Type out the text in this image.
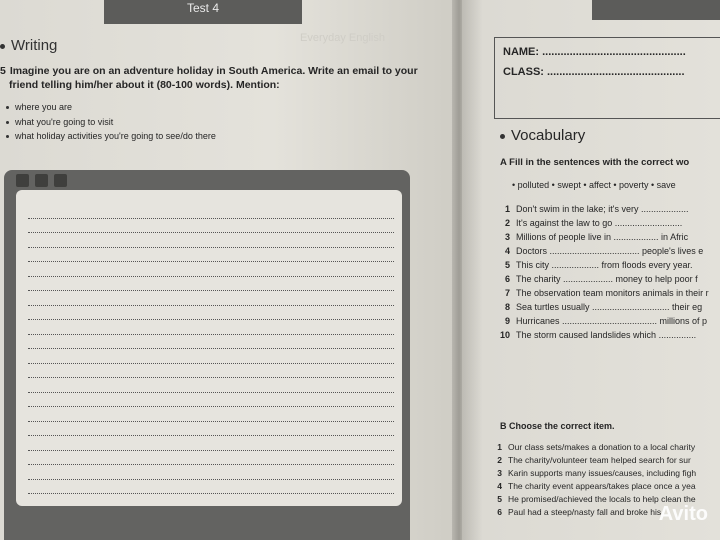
Test 4
Everyday English
Writing
5 Imagine you are on an adventure holiday in South America. Write an email to your
friend telling him/her about it (80-100 words). Mention:
where you are
what you're going to visit
what holiday activities you're going to see/do there
NAME: ...............................................
CLASS: .............................................
Vocabulary
A Fill in the sentences with the correct wo
• polluted • swept • affect • poverty • save
1 Don't swim in the lake; it's very ...................
2 It's against the law to go ...........................
3 Millions of people live in .................. in Afric
4 Doctors .................................... people's lives e
5 This city ................... from floods every year.
6 The charity .................... money to help poor f
7 The observation team monitors animals in their r
8 Sea turtles usually ............................... their eg
9 Hurricanes ...................................... millions of p
10 The storm caused landslides which ...............
B Choose the correct item.
1 Our class sets/makes a donation to a local charity
2 The charity/volunteer team helped search for sur
3 Karin supports many issues/causes, including figh
4 The charity event appears/takes place once a yea
5 He promised/achieved the locals to help clean the
6 Paul had a steep/nasty fall and broke his
Avito
